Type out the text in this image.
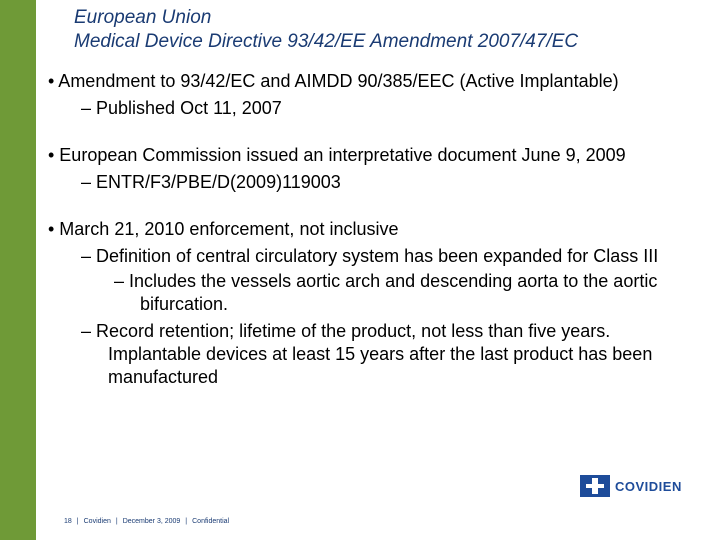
European Union
Medical Device Directive 93/42/EE Amendment 2007/47/EC
• Amendment to 93/42/EC and AIMDD 90/385/EEC (Active Implantable)
– Published Oct 11, 2007
• European Commission issued an interpretative document June 9, 2009
– ENTR/F3/PBE/D(2009)119003
• March 21, 2010 enforcement, not inclusive
– Definition of central circulatory system has been expanded for Class III
– Includes the vessels aortic arch and descending aorta to the aortic bifurcation.
– Record retention; lifetime of the product, not less than five years. Implantable devices at least 15 years after the last product has been manufactured
COVIDIEN
18 | Covidien | December 3, 2009 | Confidential
